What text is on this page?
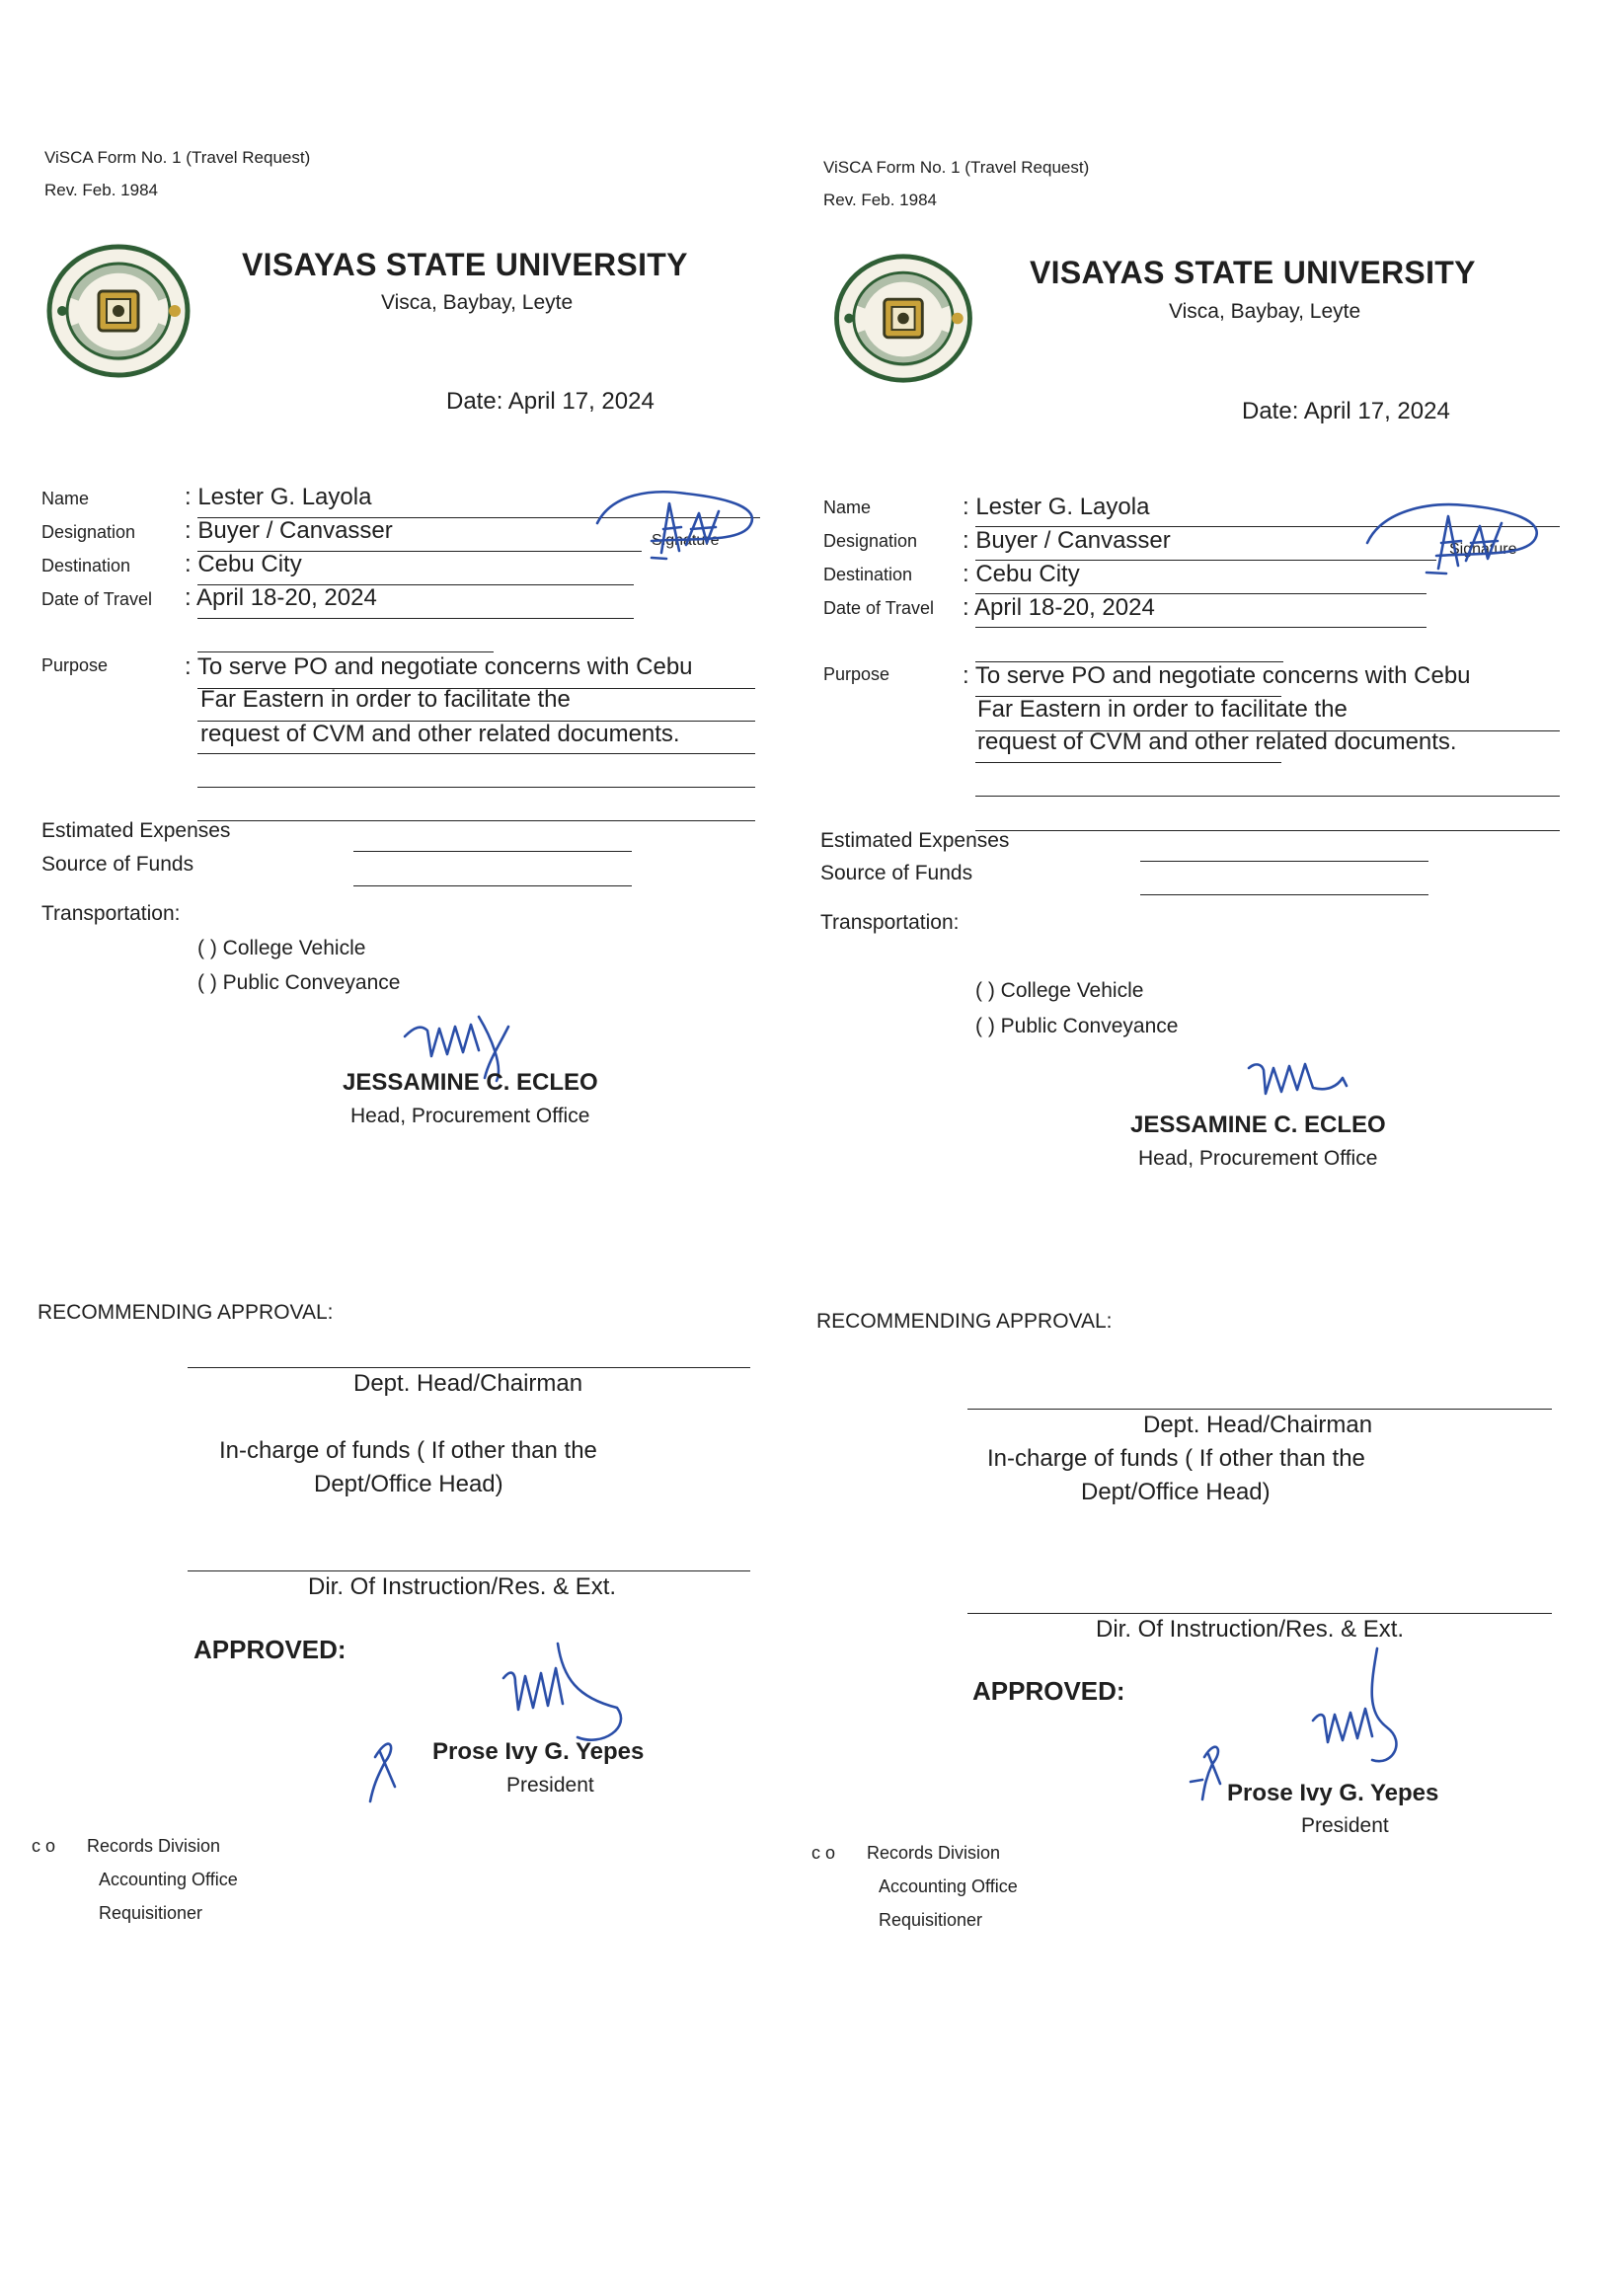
ViSCA Form No. 1 (Travel Request)
Rev. Feb. 1984
VISAYAS STATE UNIVERSITY
Visca, Baybay, Leyte
Date: April 17, 2024
Name	: Lester G. Layola
Designation : Buyer / Canvasser	Signature
Destination : Cebu City
Date of Travel : April 18-20, 2024
Purpose	: To serve PO and negotiate concerns with Cebu
Far Eastern in order to facilitate the
request of CVM and other related documents.
Estimated Expenses
Source of Funds
Transportation:
( ) College Vehicle
( ) Public Conveyance
JESSAMINE C. ECLEO
Head, Procurement Office
RECOMMENDING APPROVAL:
Dept. Head/Chairman
In-charge of funds ( If other than the
Dept/Office Head)
Dir. Of Instruction/Res. & Ext.
APPROVED:
Prose Ivy G. Yepes
President
c o Records Division
Accounting Office
Requisitioner
ViSCA Form No. 1 (Travel Request)
Rev. Feb. 1984
VISAYAS STATE UNIVERSITY
Visca, Baybay, Leyte
Date: April 17, 2024
Name	: Lester G. Layola
Designation : Buyer / Canvasser	Signature
Destination : Cebu City
Date of Travel : April 18-20, 2024
Purpose	: To serve PO and negotiate concerns with Cebu
Far Eastern in order to facilitate the
request of CVM and other related documents.
Estimated Expenses
Source of Funds
Transportation:
( ) College Vehicle
( ) Public Conveyance
JESSAMINE C. ECLEO
Head, Procurement Office
RECOMMENDING APPROVAL:
Dept. Head/Chairman
In-charge of funds ( If other than the
Dept/Office Head)
Dir. Of Instruction/Res. & Ext.
APPROVED:
Prose Ivy G. Yepes
President
c o Records Division
Accounting Office
Requisitioner
